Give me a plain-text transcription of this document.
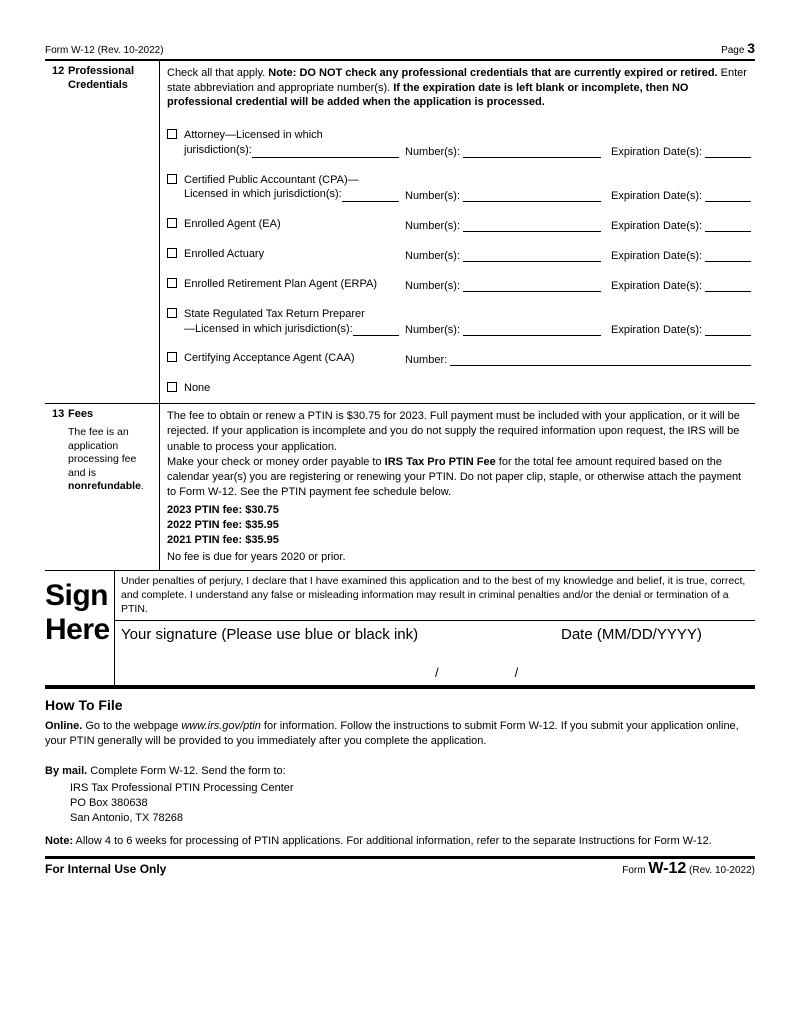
Form W-12 (Rev. 10-2022)	Page 3
12 Professional
Credentials
Check all that apply. Note: DO NOT check any professional credentials that are currently expired or retired. Enter state abbreviation and appropriate number(s). If the expiration date is left blank or incomplete, then NO professional credential will be added when the application is processed.
Attorney—Licensed in which
jurisdiction(s):	Number(s):	Expiration Date(s):
Certified Public Accountant (CPA)—
Licensed in which jurisdiction(s):	Number(s):	Expiration Date(s):
Enrolled Agent (EA)	Number(s):	Expiration Date(s):
Enrolled Actuary	Number(s):	Expiration Date(s):
Enrolled Retirement Plan Agent (ERPA)	Number(s):	Expiration Date(s):
State Regulated Tax Return Preparer
—Licensed in which jurisdiction(s):	Number(s):	Expiration Date(s):
Certifying Acceptance Agent (CAA)	Number:
None
13 Fees
The fee is an application processing fee and is nonrefundable.

The fee to obtain or renew a PTIN is $30.75 for 2023. Full payment must be included with your application, or it will be rejected. If your application is incomplete and you do not supply the required information upon request, the IRS will be unable to process your application.

Make your check or money order payable to IRS Tax Pro PTIN Fee for the total fee amount required based on the calendar year(s) you are registering or renewing your PTIN. Do not paper clip, staple, or otherwise attach the payment to Form W-12. See the PTIN payment fee schedule below.

2023 PTIN fee: $30.75
2022 PTIN fee: $35.95
2021 PTIN fee: $35.95

No fee is due for years 2020 or prior.

Sign
Here
Under penalties of perjury, I declare that I have examined this application and to the best of my knowledge and belief, it is true, correct, and complete. I understand any false or misleading information may result in criminal penalties and/or the denial or termination of a PTIN.
Your signature (Please use blue or black ink)	Date (MM/DD/YYYY)
/	/
How To File

Online. Go to the webpage www.irs.gov/ptin for information. Follow the instructions to submit Form W-12. If you submit your application online, your PTIN generally will be provided to you immediately after you complete the application.

By mail. Complete Form W-12. Send the form to:

IRS Tax Professional PTIN Processing Center
PO Box 380638
San Antonio, TX 78268

Note: Allow 4 to 6 weeks for processing of PTIN applications. For additional information, refer to the separate Instructions for Form W-12.

For Internal Use Only	Form W-12 (Rev. 10-2022)
